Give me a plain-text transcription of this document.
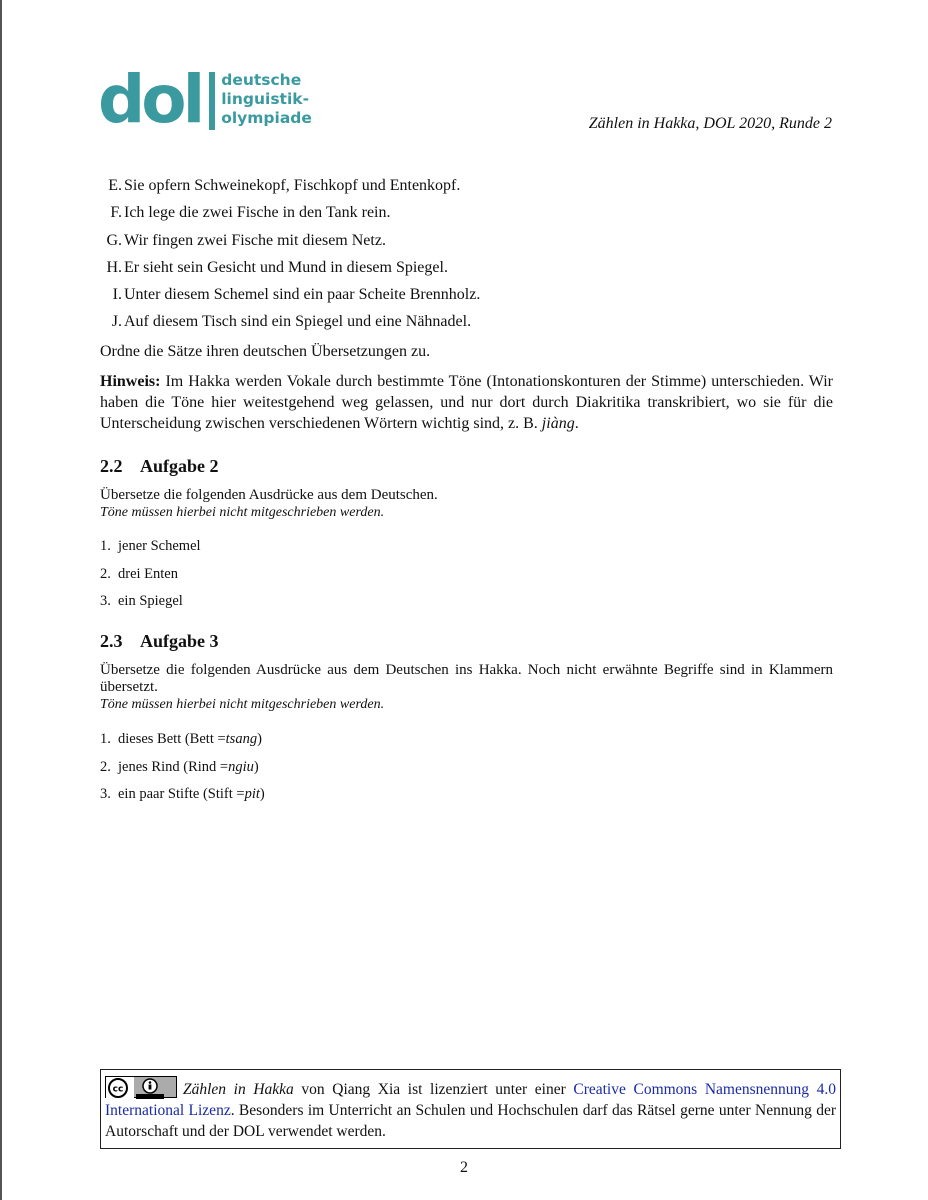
dol deutsche
linguistik-
olympiade	Zählen in Hakka, DOL 2020, Runde 2
E. Sie opfern Schweinekopf, Fischkopf und Entenkopf.
F. Ich lege die zwei Fische in den Tank rein.
G. Wir fingen zwei Fische mit diesem Netz.
H. Er sieht sein Gesicht und Mund in diesem Spiegel.
I. Unter diesem Schemel sind ein paar Scheite Brennholz.
J. Auf diesem Tisch sind ein Spiegel und eine Nähnadel.
Ordne die Sätze ihren deutschen Übersetzungen zu.
Hinweis: Im Hakka werden Vokale durch bestimmte Töne (Intonationskonturen der Stimme) unterschieden. Wir haben die Töne hier weitestgehend weg gelassen, und nur dort durch Diakritika transkribiert, wo sie für die Unterscheidung zwischen verschiedenen Wörtern wichtig sind, z. B. jiàng.
2.2 Aufgabe 2
Übersetze die folgenden Ausdrücke aus dem Deutschen.
Töne müssen hierbei nicht mitgeschrieben werden.
1. jener Schemel
2. drei Enten
3. ein Spiegel
2.3 Aufgabe 3
Übersetze die folgenden Ausdrücke aus dem Deutschen ins Hakka. Noch nicht erwähnte Begriffe sind in Klammern übersetzt.
Töne müssen hierbei nicht mitgeschrieben werden.
1. dieses Bett (Bett = tsang )
2. jenes Rind (Rind = ngiu )
3. ein paar Stifte (Stift = pit )
cc	Zählen in Hakka von Qiang Xia ist lizenziert unter einer Creative Commons Namensnennung 4.0 International Lizenz. Besonders im Unterricht an Schulen und Hochschulen darf das Rätsel gerne unter Nennung der Autorschaft und der DOL verwendet werden.
2
